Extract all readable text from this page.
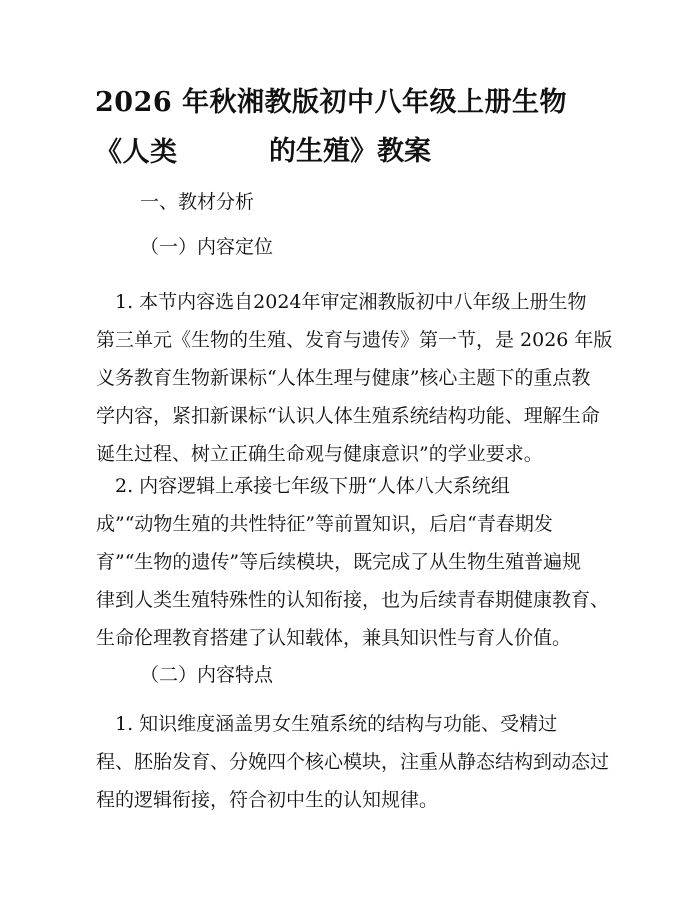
2026 年秋湘教版初中八年级上册生物《人类	的生殖》教案

一、教材分析

（一）内容定位

　1. 本节内容选自2024年审定湘教版初中八年级上册生物
第三单元《生物的生殖、发育与遗传》第一节，是 2026 年版
义务教育生物新课标“人体生理与健康”核心主题下的重点教
学内容，紧扣新课标“认识人体生殖系统结构功能、理解生命
诞生过程、树立正确生命观与健康意识”的学业要求。
　2. 内容逻辑上承接七年级下册“人体八大系统组
成”“动物生殖的共性特征”等前置知识，后启“青春期发
育”“生物的遗传”等后续模块，既完成了从生物生殖普遍规
律到人类生殖特殊性的认知衔接，也为后续青春期健康教育、
生命伦理教育搭建了认知载体，兼具知识性与育人价值。

（二）内容特点

　1. 知识维度涵盖男女生殖系统的结构与功能、受精过
程、胚胎发育、分娩四个核心模块，注重从静态结构到动态过
程的逻辑衔接，符合初中生的认知规律。
